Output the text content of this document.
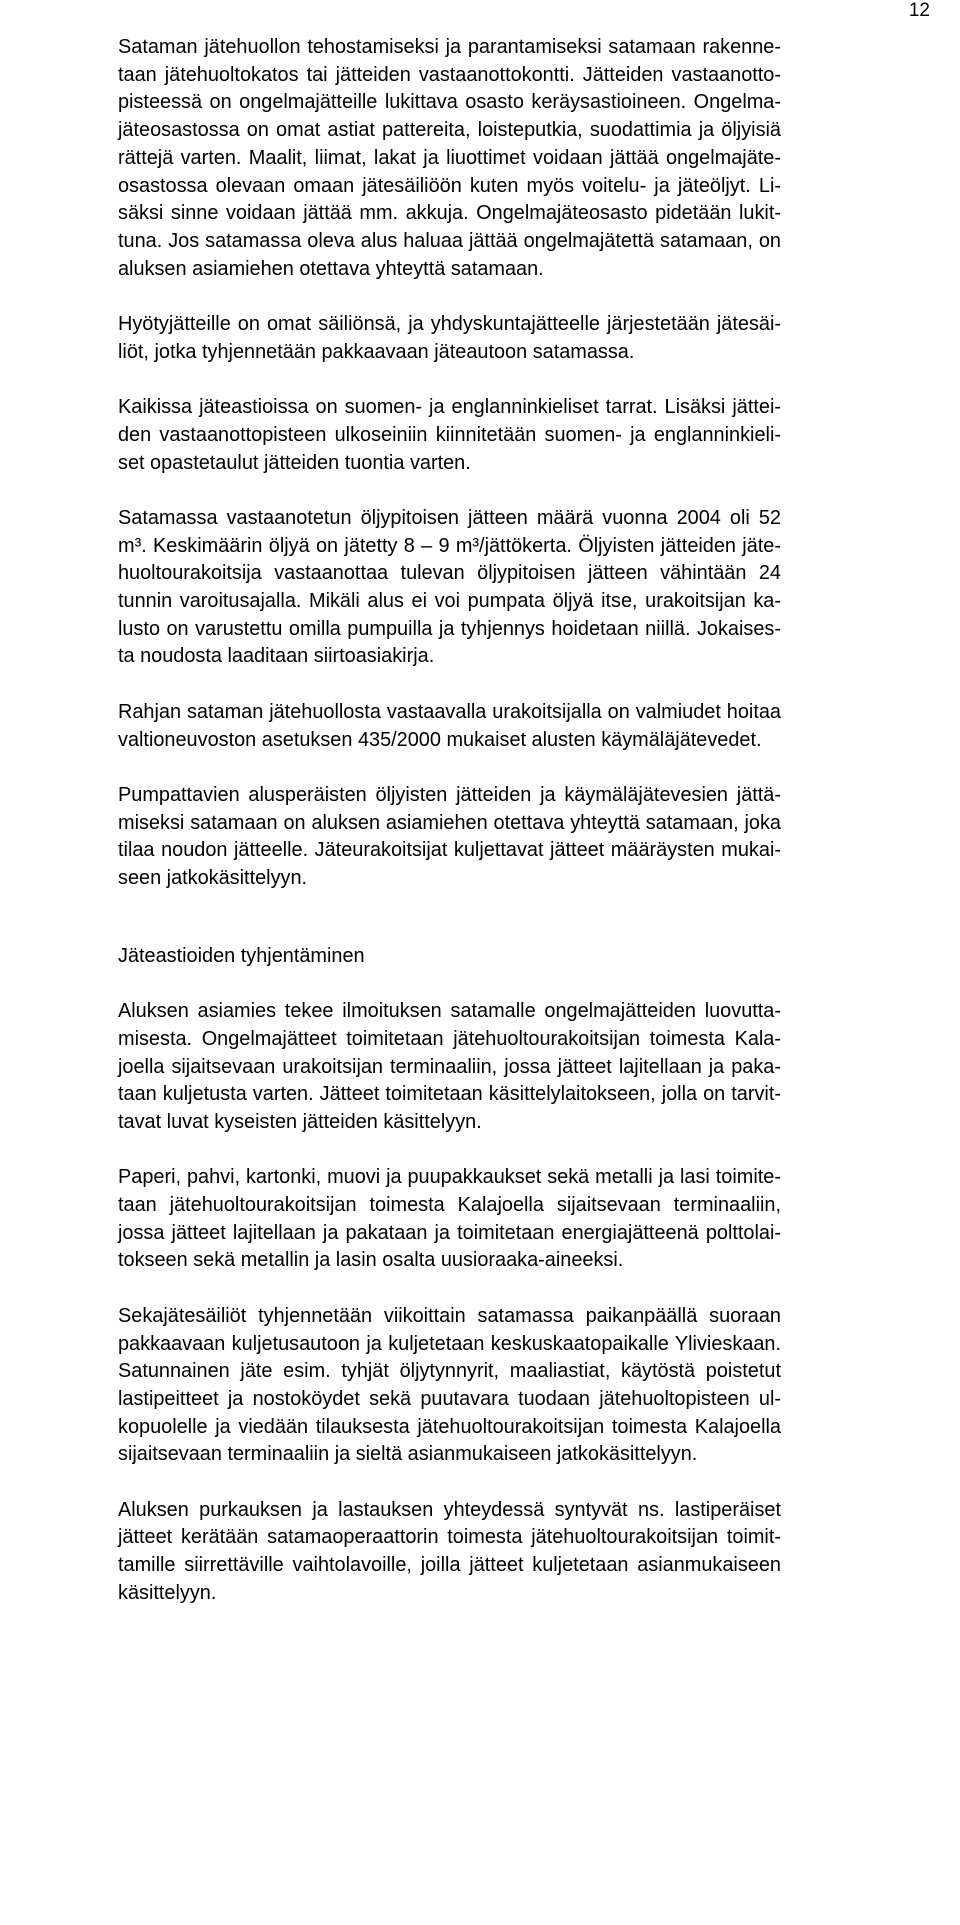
12

Sataman jätehuollon tehostamiseksi ja parantamiseksi satamaan rakennetaan jätehuoltokatos tai jätteiden vastaanottokontti. Jätteiden vastaanottopisteessä on ongelmajätteille lukittava osasto keräysastioineen. Ongelmajäteosastossa on omat astiat pattereita, loisteputkia, suodattimia ja öljyisiä rättejä varten. Maalit, liimat, lakat ja liuottimet voidaan jättää ongelmajäteosastossa olevaan omaan jätesäiliöön kuten myös voitelu- ja jäteöljyt. Lisäksi sinne voidaan jättää mm. akkuja. Ongelmajäteosasto pidetään lukittuna. Jos satamassa oleva alus haluaa jättää ongelmajätettä satamaan, on aluksen asiamiehen otettava yhteyttä satamaan.

Hyötyjätteille on omat säiliönsä, ja yhdyskuntajätteelle järjestetään jätesäiliöt, jotka tyhjennetään pakkaavaan jäteautoon satamassa.

Kaikissa jäteastioissa on suomen- ja englanninkieliset tarrat. Lisäksi jätteiden vastaanottopisteen ulkoseiniin kiinnitetään suomen- ja englanninkieliset opastetaulut jätteiden tuontia varten.

Satamassa vastaanotetun öljypitoisen jätteen määrä vuonna 2004 oli 52 m³. Keskimäärin öljyä on jätetty 8 – 9 m³/jättökerta. Öljyisten jätteiden jätehuoltourakoitsija vastaanottaa tulevan öljypitoisen jätteen vähintään 24 tunnin varoitusajalla. Mikäli alus ei voi pumpata öljyä itse, urakoitsijan kalusto on varustettu omilla pumpuilla ja tyhjennys hoidetaan niillä. Jokaisesta noudosta laaditaan siirtoasiakirja.

Rahjan sataman jätehuollosta vastaavalla urakoitsijalla on valmiudet hoitaa valtioneuvoston asetuksen 435/2000 mukaiset alusten käymäläjätevedet.

Pumpattavien alusperäisten öljyisten jätteiden ja käymäläjätevesien jättämiseksi satamaan on aluksen asiamiehen otettava yhteyttä satamaan, joka tilaa noudon jätteelle. Jäteurakoitsijat kuljettavat jätteet määräysten mukaiseen jatkokäsittelyyn.

Jäteastioiden tyhjentäminen

Aluksen asiamies tekee ilmoituksen satamalle ongelmajätteiden luovuttamisesta. Ongelmajätteet toimitetaan jätehuoltourakoitsijan toimesta Kalajoella sijaitsevaan urakoitsijan terminaaliin, jossa jätteet lajitellaan ja pakataan kuljetusta varten. Jätteet toimitetaan käsittelylaitokseen, jolla on tarvittavat luvat kyseisten jätteiden käsittelyyn.

Paperi, pahvi, kartonki, muovi ja puupakkaukset sekä metalli ja lasi toimitetaan jätehuoltourakoitsijan toimesta Kalajoella sijaitsevaan terminaaliin, jossa jätteet lajitellaan ja pakataan ja toimitetaan energiajätteenä polttolaitokseen sekä metallin ja lasin osalta uusioraaka-aineeksi.

Sekajätesäiliöt tyhjennetään viikoittain satamassa paikanpäällä suoraan pakkaavaan kuljetusautoon ja kuljetetaan keskuskaatopaikalle Ylivieskaan. Satunnainen jäte esim. tyhjät öljytynnyrit, maaliastiat, käytöstä poistetut lastipeitteet ja nostoköydet sekä puutavara tuodaan jätehuoltopisteen ulkopuolelle ja viedään tilauksesta jätehuoltourakoitsijan toimesta Kalajoella sijaitsevaan terminaaliin ja sieltä asianmukaiseen jatkokäsittelyyn.

Aluksen purkauksen ja lastauksen yhteydessä syntyvät ns. lastiperäiset jätteet kerätään satamaoperaattorin toimesta jätehuoltourakoitsijan toimittamille siirrettäville vaihtolavoille, joilla jätteet kuljetetaan asianmukaiseen käsittelyyn.
